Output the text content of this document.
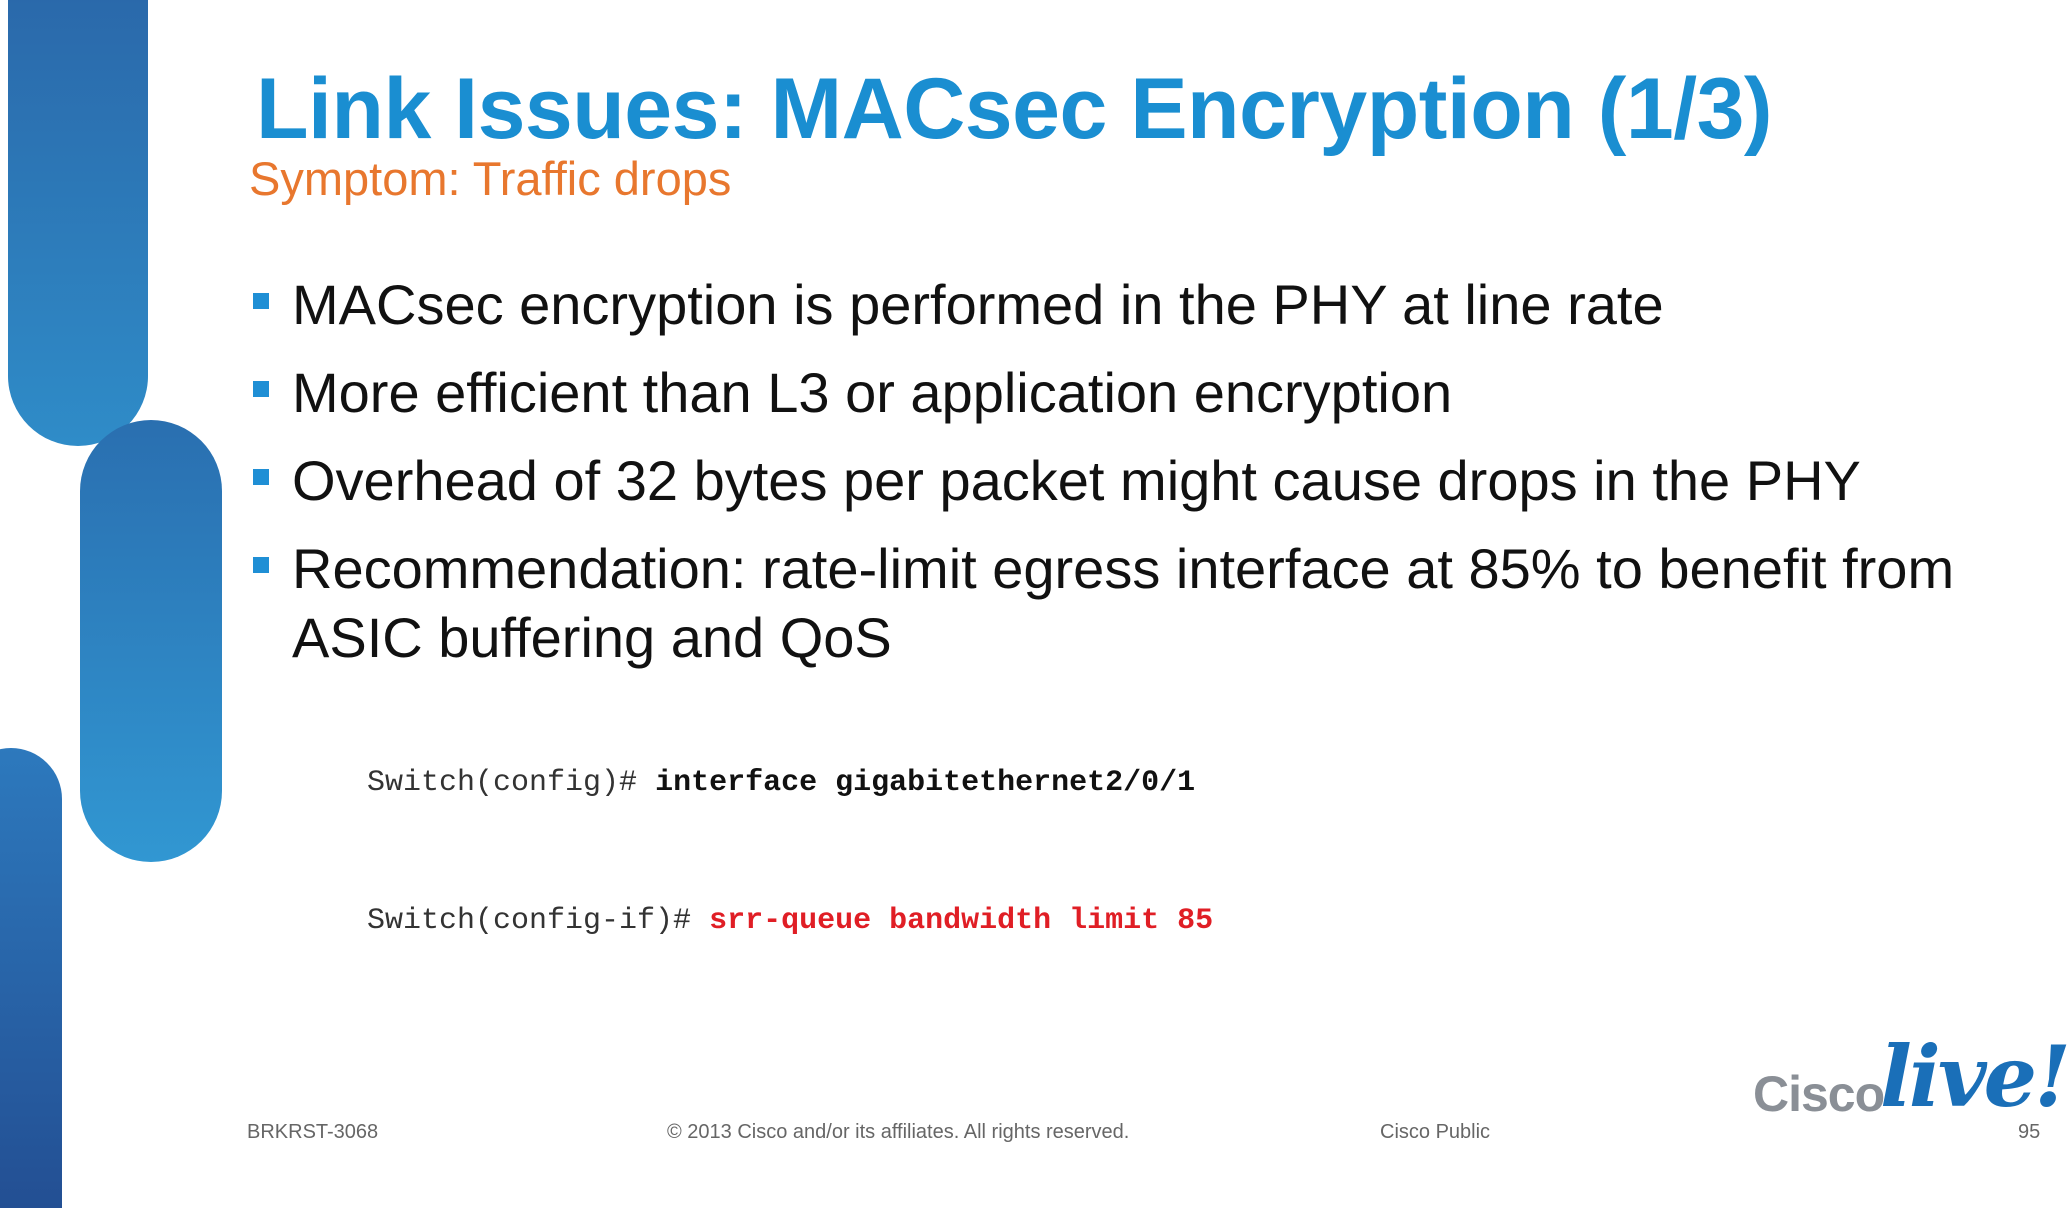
Link Issues: MACsec Encryption (1/3)
Symptom: Traffic drops
MACsec encryption is performed in the PHY at line rate
More efficient than L3 or application encryption
Overhead of 32 bytes per packet might cause drops in the PHY
Recommendation: rate-limit egress interface at 85% to benefit from ASIC buffering and QoS

Switch(config)# interface gigabitethernet2/0/1

Switch(config-if)# srr-queue bandwidth limit 85

BRKRST-3068	© 2013 Cisco and/or its affiliates. All rights reserved.	Cisco Public	95
Cisco
live!
